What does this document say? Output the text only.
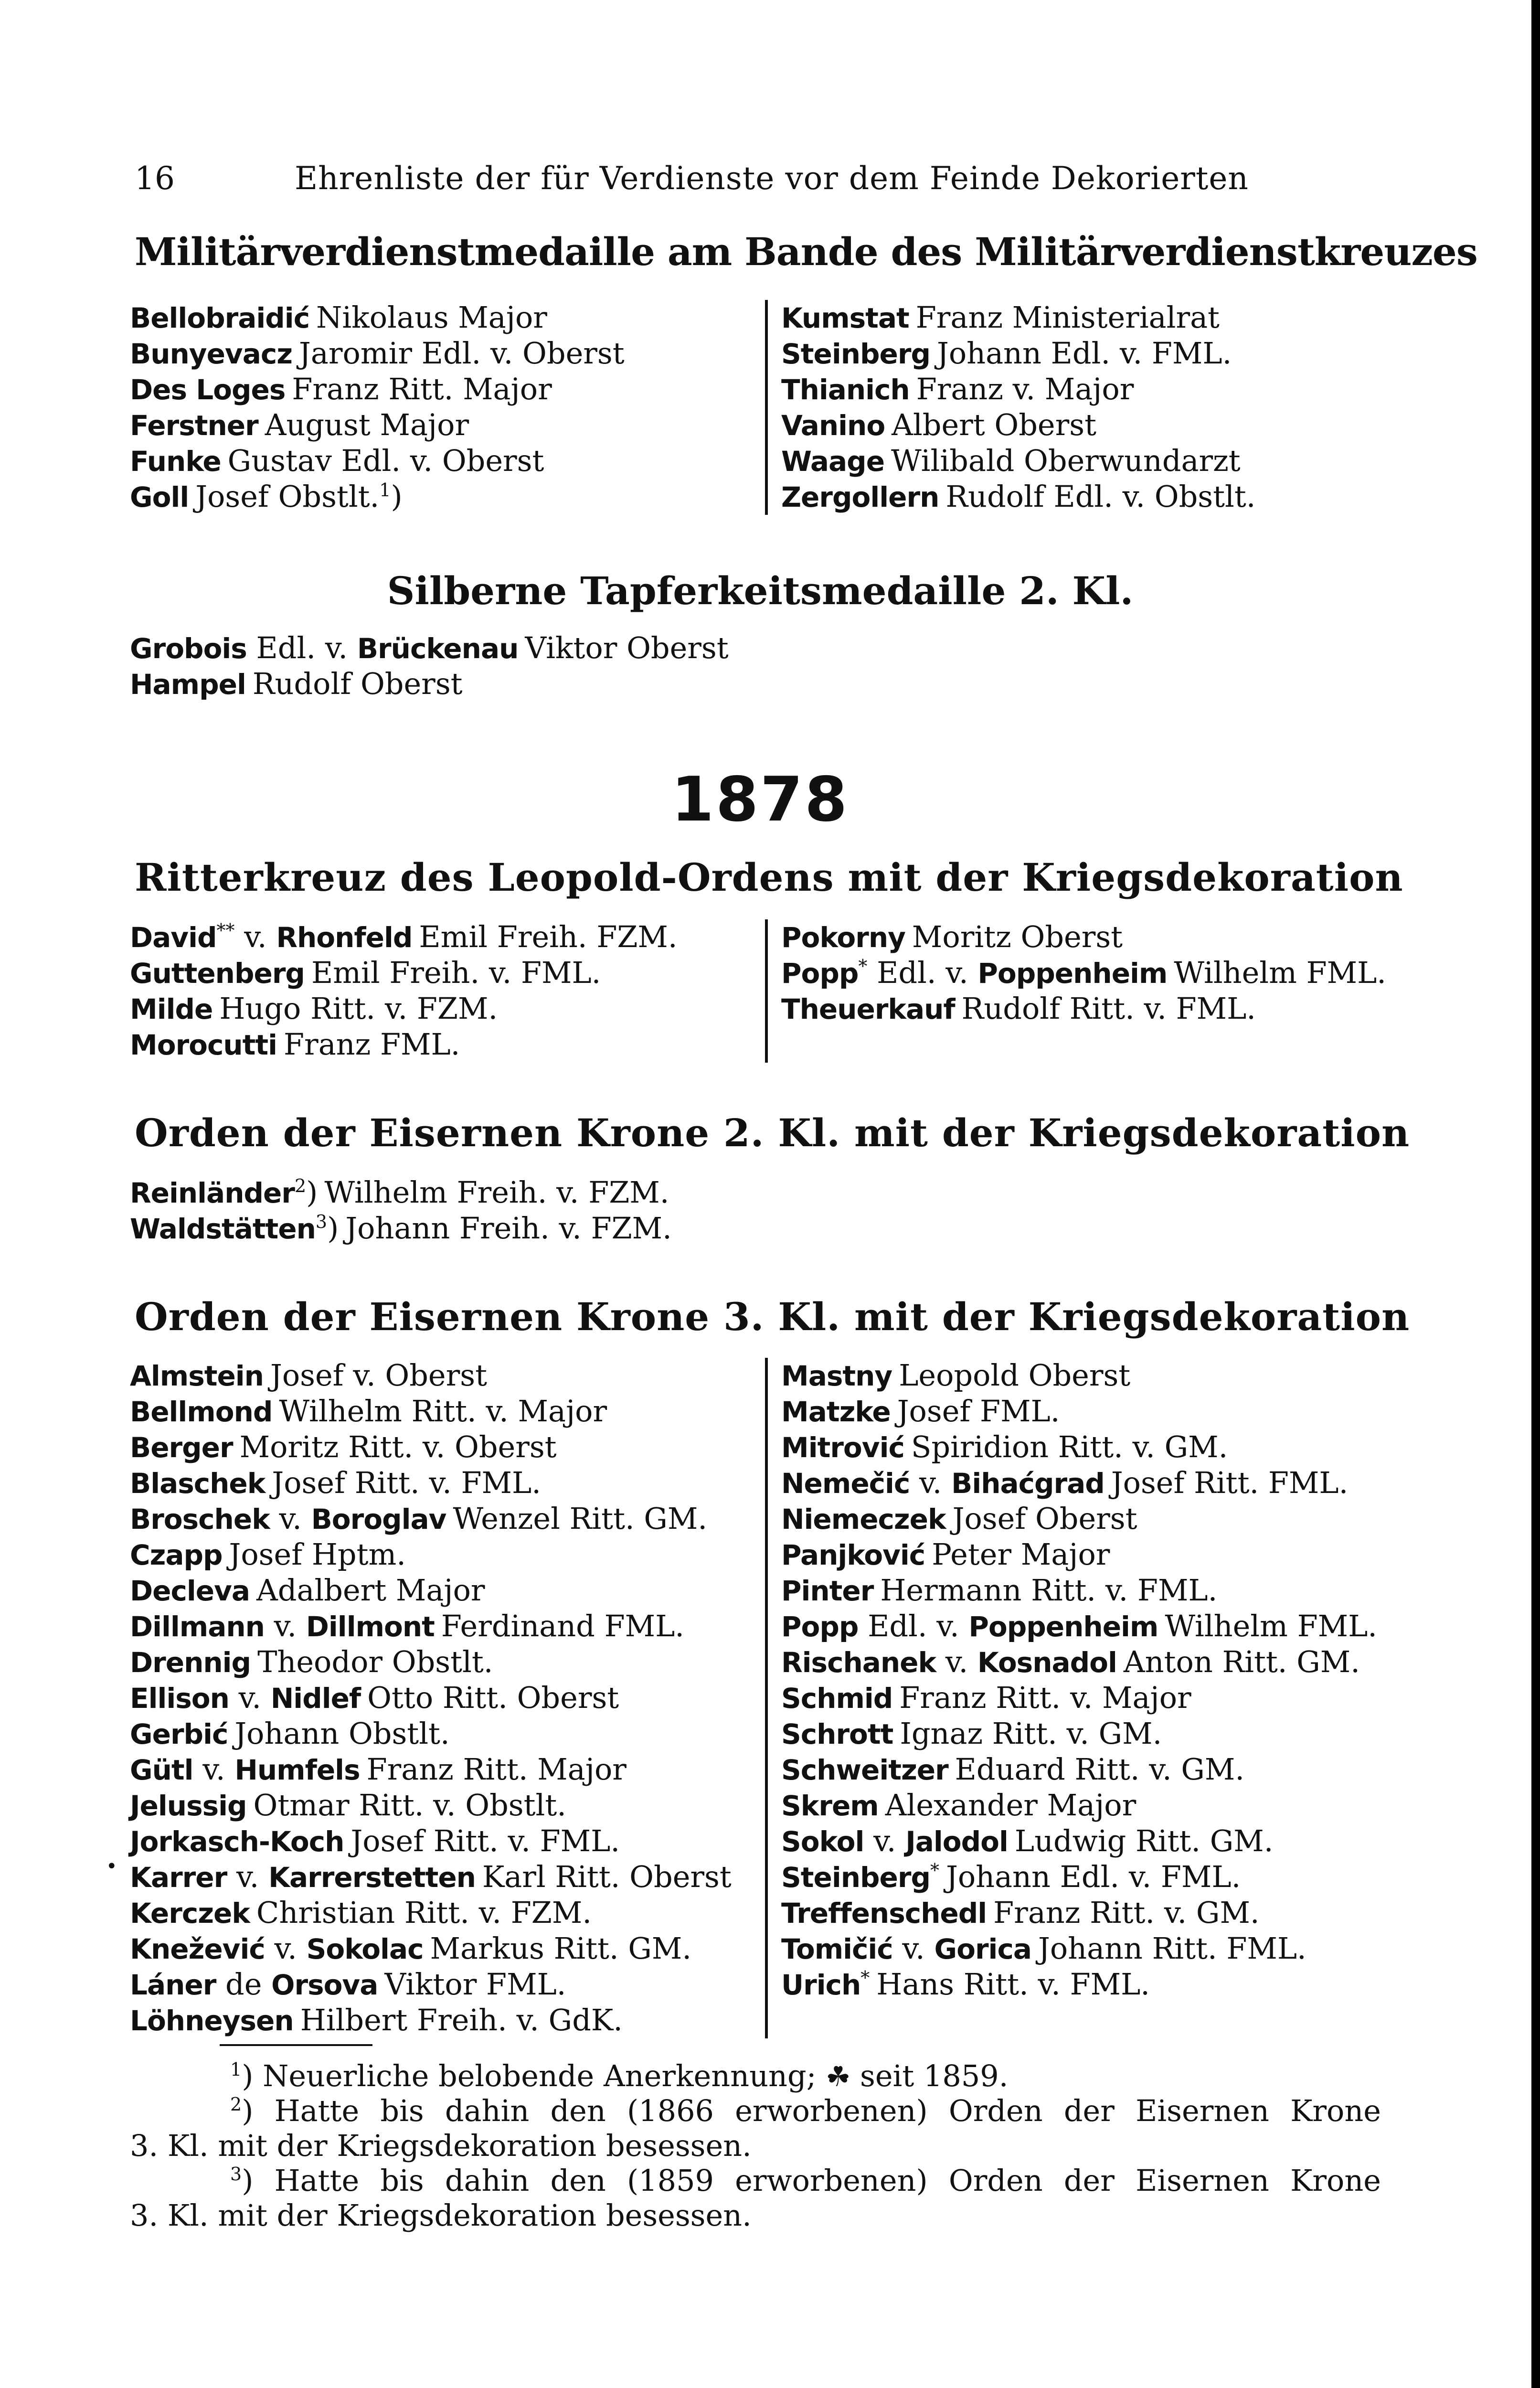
16	Ehrenliste der für Verdienste vor dem Feinde Dekorierten
Militärverdienstmedaille am Bande des Militärverdienstkreuzes
Bellobraidić Nikolaus Major
Bunyevacz Jaromir Edl. v. Oberst
Des Loges Franz Ritt. Major
Ferstner August Major
Funke Gustav Edl. v. Oberst
Goll Josef Obstlt.$^1$)
Kumstat Franz Ministerialrat
Steinberg Johann Edl. v. FML.
Thianich Franz v. Major
Vanino Albert Oberst
Waage Wilibald Oberwundarzt
Zergollern Rudolf Edl. v. Obstlt.
Silberne Tapferkeitsmedaille 2. Kl.
Grobois Edl. v. Brückenau Viktor Oberst
Hampel Rudolf Oberst
1878
Ritterkreuz des Leopold-Ordens mit der Kriegsdekoration
David** v. Rhonfeld Emil Freih. FZM.
Guttenberg Emil Freih. v. FML.
Milde Hugo Ritt. v. FZM.
Morocutti Franz FML.
Pokorny Moritz Oberst
Popp* Edl. v. Poppenheim Wilhelm FML.
Theuerkauf Rudolf Ritt. v. FML.
Orden der Eisernen Krone 2. Kl. mit der Kriegsdekoration
Reinländer$^2$) Wilhelm Freih. v. FZM.
Waldstätten$^3$) Johann Freih. v. FZM.
Orden der Eisernen Krone 3. Kl. mit der Kriegsdekoration
Almstein Josef v. Oberst
Bellmond Wilhelm Ritt. v. Major
Berger Moritz Ritt. v. Oberst
Blaschek Josef Ritt. v. FML.
Broschek v. Boroglav Wenzel Ritt. GM.
Czapp Josef Hptm.
Decleva Adalbert Major
Dillmann v. Dillmont Ferdinand FML.
Drennig Theodor Obstlt.
Ellison v. Nidlef Otto Ritt. Oberst
Gerbić Johann Obstlt.
Gütl v. Humfels Franz Ritt. Major
Jelussig Otmar Ritt. v. Obstlt.
Jorkasch-Koch Josef Ritt. v. FML.
Karrer v. Karrerstetten Karl Ritt. Oberst
Kerczek Christian Ritt. v. FZM.
Knežević v. Sokolac Markus Ritt. GM.
Láner de Orsova Viktor FML.
Löhneysen Hilbert Freih. v. GdK.
Mastny Leopold Oberst
Matzke Josef FML.
Mitrović Spiridion Ritt. v. GM.
Nemečić v. Bihaćgrad Josef Ritt. FML.
Niemeczek Josef Oberst
Panjković Peter Major
Pinter Hermann Ritt. v. FML.
Popp Edl. v. Poppenheim Wilhelm FML.
Rischanek v. Kosnadol Anton Ritt. GM.
Schmid Franz Ritt. v. Major
Schrott Ignaz Ritt. v. GM.
Schweitzer Eduard Ritt. v. GM.
Skrem Alexander Major
Sokol v. Jalodol Ludwig Ritt. GM.
Steinberg* Johann Edl. v. FML.
Treffenschedl Franz Ritt. v. GM.
Tomičić v. Gorica Johann Ritt. FML.
Urich* Hans Ritt. v. FML.
•
$^1$) Neuerliche belobende Anerkennung; ☘ seit 1859.
$^2$) Hatte bis dahin den (1866 erworbenen) Orden der Eisernen Krone
3. Kl. mit der Kriegsdekoration besessen.
$^3$) Hatte bis dahin den (1859 erworbenen) Orden der Eisernen Krone
3. Kl. mit der Kriegsdekoration besessen.
